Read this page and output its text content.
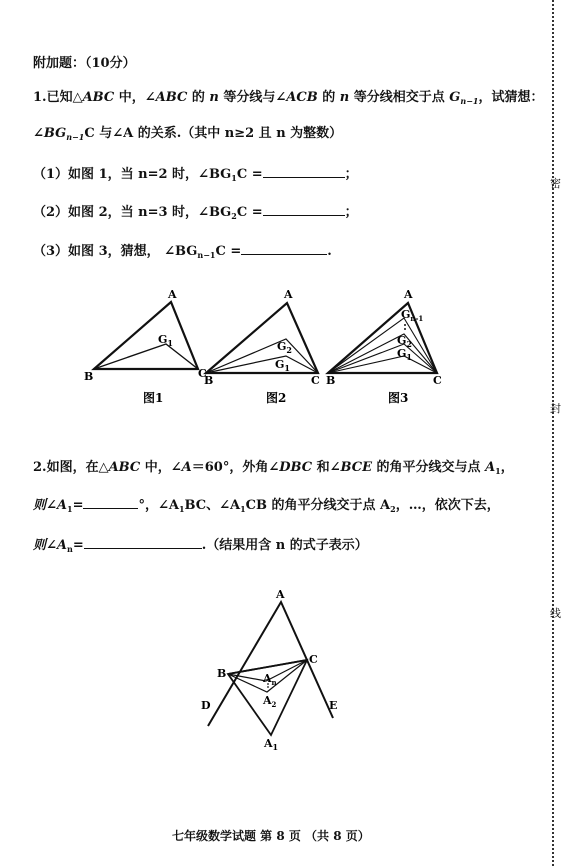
密
封
线
附加题：（10分）
1.已知△ABC 中，∠ABC 的 n 等分线与∠ACB 的 n 等分线相交于点 $G_{n-1}$，试猜想：
$\angle BG_{n-1}C$ 与∠A 的关系.（其中 n≥2 且 n 为整数）
（1）如图 1，当 n=2 时，$\angle BG_1C$ =	；
（2）如图 2，当 n=3 时，$\angle BG_2C$ =	；
（3）如图 3，猜想， $\angle BG_{n-1}C$ =	.
A
B	C
$G_1$
图1
A
B	C
$G_2$
$G_1$
图2
A
B	C
$G_{n-1}$
$G_2$
$G_1$
图3
A
B
C
D	E
$A_n$
$A_2$
$A_1$
2.如图，在△ABC 中，∠A＝60°，外角∠DBC 和∠BCE 的角平分线交与点 $A_1$，
则$\angle A_1=$	°，$\angle A_1BC$、$\angle A_1CB$ 的角平分线交于点 $A_2$，…，依次下去，
则$\angle A_n=$	.（结果用含 n 的式子表示）
七年级数学试题 第 8 页 （共 8 页）
